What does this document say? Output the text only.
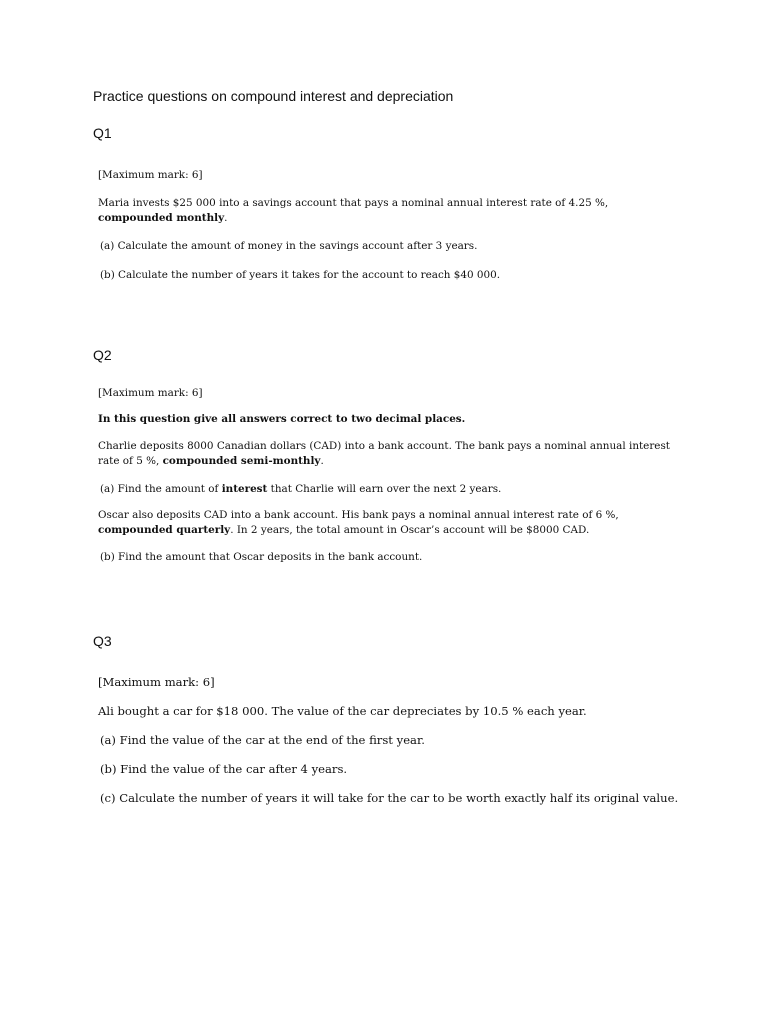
Practice questions on compound interest and depreciation
Q1

[Maximum mark: 6]

Maria invests $25 000 into a savings account that pays a nominal annual interest rate of 4.25 %, compounded monthly.

(a) Calculate the amount of money in the savings account after 3 years.

(b) Calculate the number of years it takes for the account to reach $40 000.

Q2

[Maximum mark: 6]

In this question give all answers correct to two decimal places.

Charlie deposits 8000 Canadian dollars (CAD) into a bank account. The bank pays a nominal annual interest rate of 5 %, compounded semi-monthly.

(a) Find the amount of interest that Charlie will earn over the next 2 years.

Oscar also deposits CAD into a bank account. His bank pays a nominal annual interest rate of 6 %, compounded quarterly. In 2 years, the total amount in Oscar’s account will be $8000 CAD.

(b) Find the amount that Oscar deposits in the bank account.

Q3

[Maximum mark: 6]

Ali bought a car for $18 000. The value of the car depreciates by 10.5 % each year.

(a) Find the value of the car at the end of the first year.

(b) Find the value of the car after 4 years.

(c) Calculate the number of years it will take for the car to be worth exactly half its original value.
